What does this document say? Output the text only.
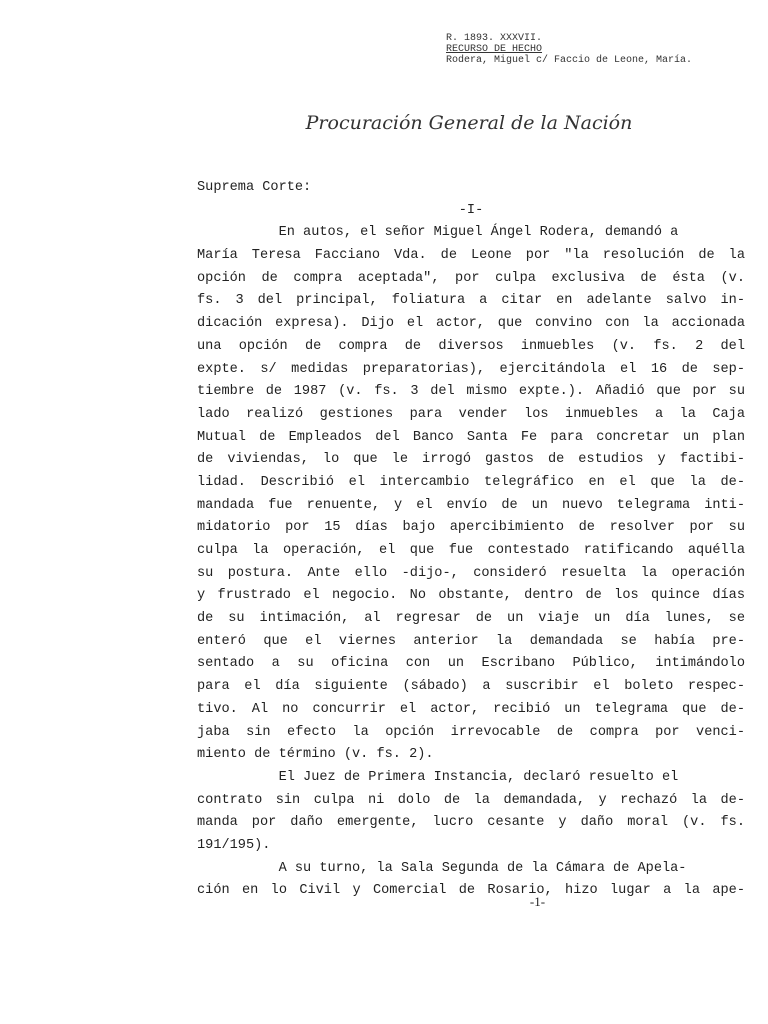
R. 1893. XXXVII.
RECURSO DE HECHO
Rodera, Miguel c/ Faccio de Leone, María.
Procuración General de la Nación
Suprema Corte:
-I-
En autos, el señor Miguel Ángel Rodera, demandó a
María Teresa Facciano Vda. de Leone por "la resolución de la
opción de compra aceptada", por culpa exclusiva de ésta (v.
fs. 3 del principal, foliatura a citar en adelante salvo in-
dicación expresa). Dijo el actor, que convino con la accionada
una opción de compra de diversos inmuebles (v. fs. 2 del
expte. s/ medidas preparatorias), ejercitándola el 16 de sep-
tiembre de 1987 (v. fs. 3 del mismo expte.). Añadió que por su
lado realizó gestiones para vender los inmuebles a la Caja
Mutual de Empleados del Banco Santa Fe para concretar un plan
de viviendas, lo que le irrogó gastos de estudios y factibi-
lidad. Describió el intercambio telegráfico en el que la de-
mandada fue renuente, y el envío de un nuevo telegrama inti-
midatorio por 15 días bajo apercibimiento de resolver por su
culpa la operación, el que fue contestado ratificando aquélla
su postura. Ante ello -dijo-, consideró resuelta la operación
y frustrado el negocio. No obstante, dentro de los quince días
de su intimación, al regresar de un viaje un día lunes, se
enteró que el viernes anterior la demandada se había pre-
sentado a su oficina con un Escribano Público, intimándolo
para el día siguiente (sábado) a suscribir el boleto respec-
tivo. Al no concurrir el actor, recibió un telegrama que de-
jaba sin efecto la opción irrevocable de compra por venci-
miento de término (v. fs. 2).
El Juez de Primera Instancia, declaró resuelto el
contrato sin culpa ni dolo de la demandada, y rechazó la de-
manda por daño emergente, lucro cesante y daño moral (v. fs.
191/195).
A su turno, la Sala Segunda de la Cámara de Apela-
ción en lo Civil y Comercial de Rosario, hizo lugar a la ape-
-1-
